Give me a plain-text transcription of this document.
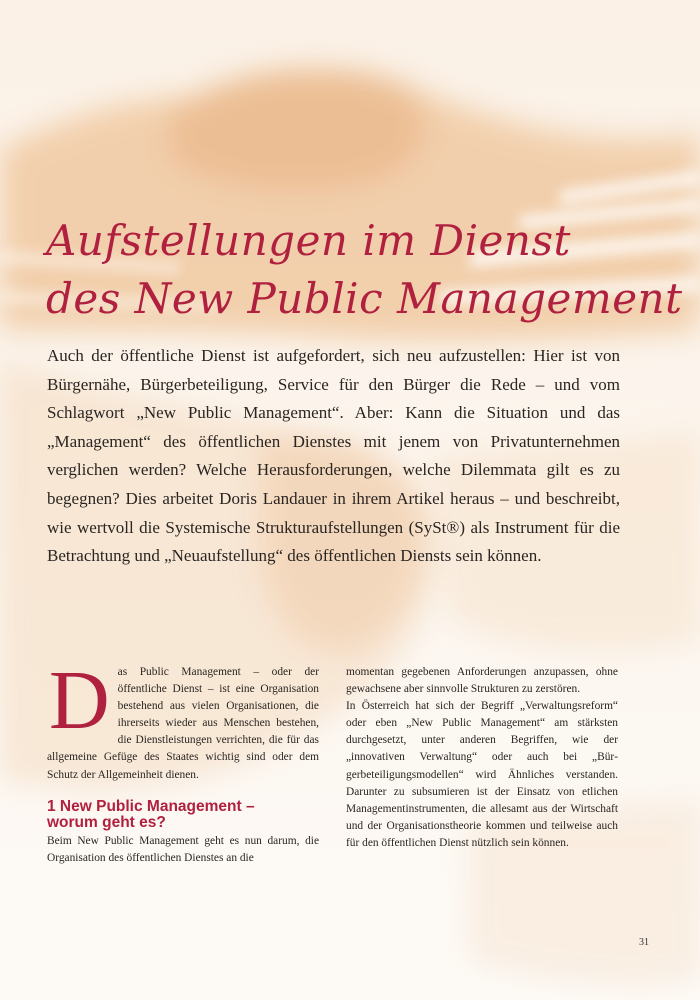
Aufstellungen im Dienst
des New Public Management

Auch der öffentliche Dienst ist aufgefordert, sich neu aufzustellen: Hier ist von Bürgernähe, Bürgerbeteiligung, Service für den Bürger die Rede – und vom Schlagwort „New Public Management“. Aber: Kann die Situation und das „Management“ des öffentlichen Dienstes mit jenem von Privatunternehmen verglichen werden? Welche Herausforderungen, welche Dilemmata gilt es zu begegnen? Dies arbeitet Doris Landauer in ihrem Artikel heraus – und beschreibt, wie wertvoll die Systemische Strukturaufstellungen (SySt®) als Instrument für die Betrachtung und „Neuaufstellung“ des öffentlichen Diensts sein können.

Das Public Management – oder der öffentliche Dienst – ist eine Organisation bestehend aus vielen Organisationen, die ihrerseits wieder aus Menschen bestehen, die Dienstleistungen verrichten, die für das allgemeine Gefüge des Staates wichtig sind oder dem Schutz der Allgemeinheit dienen.

1 New Public Management –
worum geht es?

Beim New Public Management geht es nun darum, die Organisation des öffentlichen Dienstes an die

momentan gegebenen Anforderungen anzupassen, ohne gewachsene aber sinnvolle Strukturen zu zerstören.

In Österreich hat sich der Begriff „Verwaltungsreform“ oder eben „New Public Management“ am stärksten durchgesetzt, unter anderen Begriffen, wie der „innovativen Verwaltung“ oder auch bei „Bürgerbeteiligungsmodellen“ wird Ähnliches verstanden. Darunter zu subsumieren ist der Einsatz von etlichen Managementinstrumenten, die allesamt aus der Wirtschaft und der Organisationstheorie kommen und teilweise auch für den öffentlichen Dienst nützlich sein können.

31
